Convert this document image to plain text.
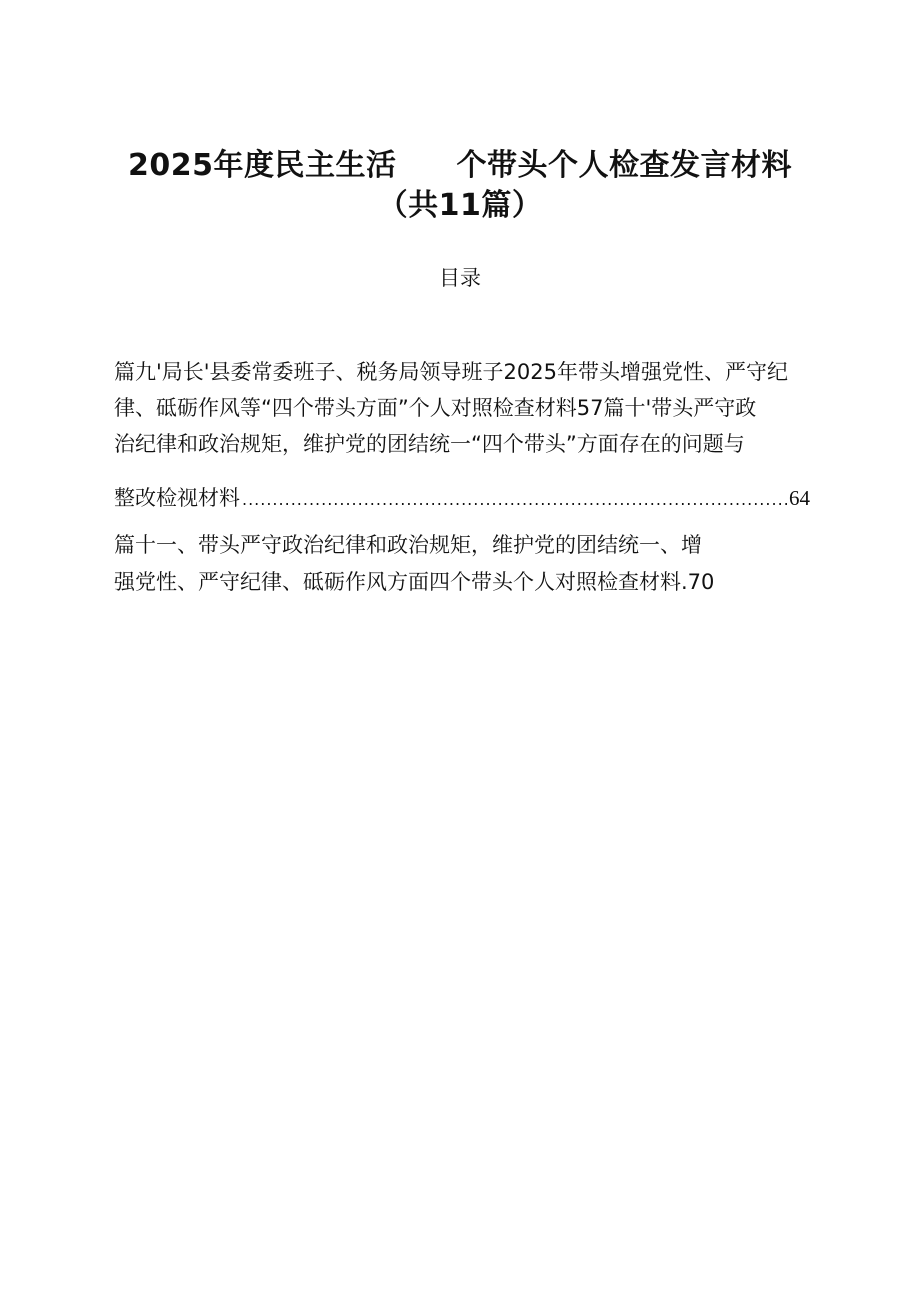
2025年度民主生活 个带头个人检查发言材料
（共11篇）
目录
篇九'局长'县委常委班子、税务局领导班子2025年带头增强党性、严守纪
律、砥砺作风等“四个带头方面”个人对照检查材料57篇十'带头严守政
治纪律和政治规矩，维护党的团结统一“四个带头”方面存在的问题与
整改检视材料
.....	64
篇十一、带头严守政治纪律和政治规矩，维护党的团结统一、增
强党性、严守纪律、砥砺作风方面四个带头个人对照检查材料.70
